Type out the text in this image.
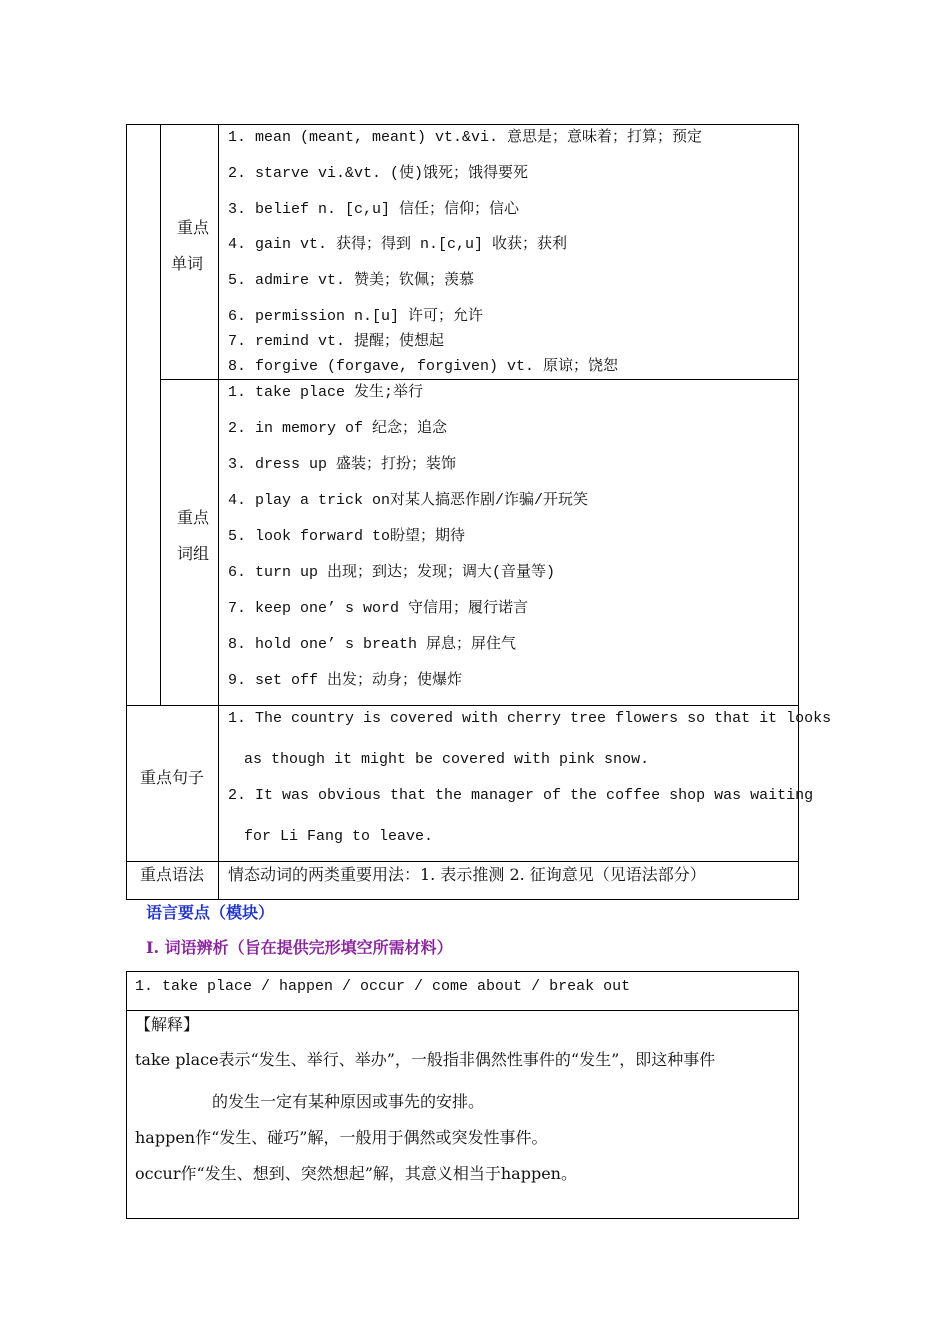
重点
单词
1. mean (meant, meant) vt.&vi. 意思是；意味着；打算；预定
2. starve vi.&vt. (使)饿死；饿得要死
3. belief n. [c,u] 信任；信仰；信心
4. gain vt. 获得；得到 n.[c,u] 收获；获利
5. admire vt. 赞美；钦佩；羡慕
6. permission n.[u] 许可；允许
7. remind vt. 提醒；使想起
8. forgive (forgave, forgiven) vt. 原谅；饶恕
重点
词组
1. take place 发生;举行
2. in memory of 纪念；追念
3. dress up 盛装；打扮；装饰
4. play a trick on对某人搞恶作剧/诈骗/开玩笑
5. look forward to盼望；期待
6. turn up 出现；到达；发现；调大(音量等)
7. keep one’ s word 守信用；履行诺言
8. hold one’ s breath 屏息；屏住气
9. set off 出发；动身；使爆炸
重点句子
1. The country is covered with cherry tree flowers so that it looks
as though it might be covered with pink snow.
2. It was obvious that the manager of the coffee shop was waiting
for Li Fang to leave.
重点语法 情态动词的两类重要用法：1. 表示推测 2. 征询意见（见语法部分）
语言要点（模块）
Ⅰ. 词语辨析（旨在提供完形填空所需材料）
1. take place / happen / occur / come about / break out
【解释】
take place表示“发生、举行、举办”，一般指非偶然性事件的“发生”，即这种事件
的发生一定有某种原因或事先的安排。
happen作“发生、碰巧”解，一般用于偶然或突发性事件。
occur作“发生、想到、突然想起”解，其意义相当于happen。
